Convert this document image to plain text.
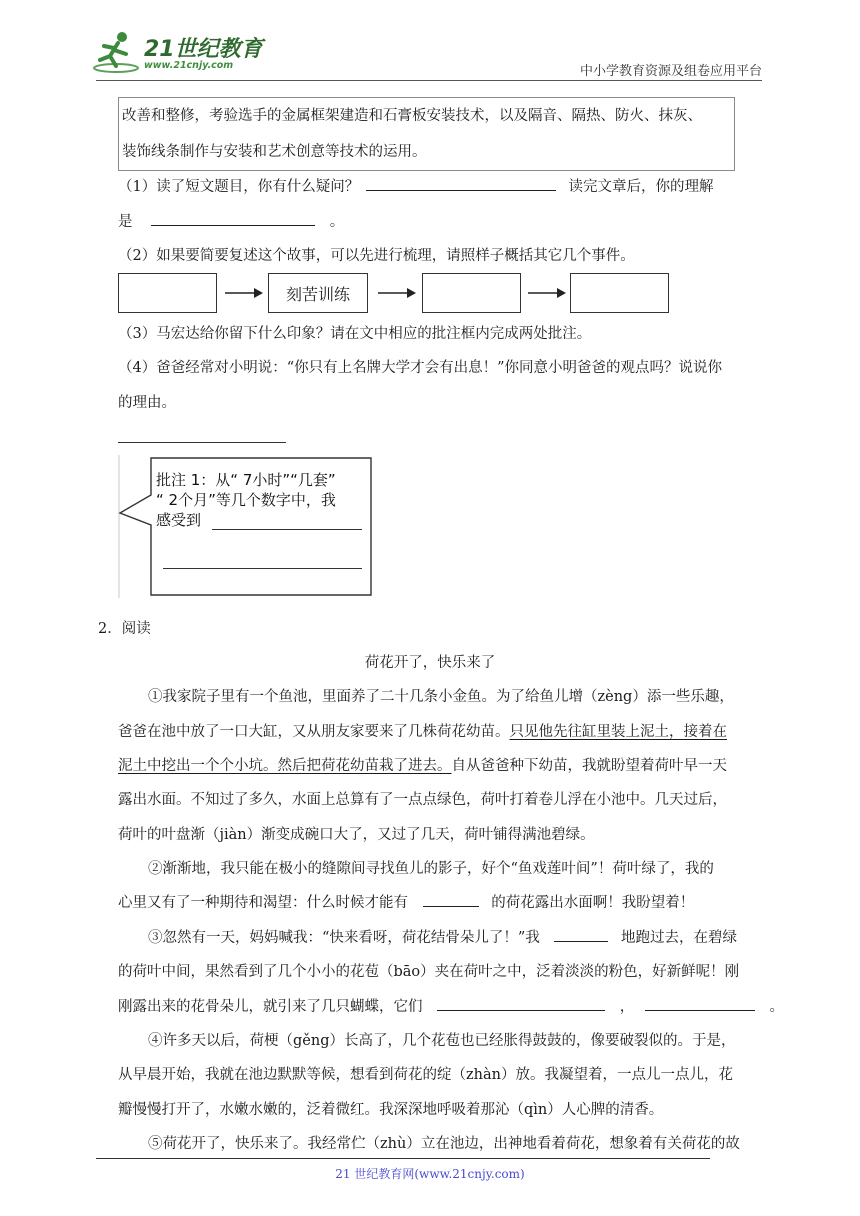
21世纪教育
www.21cnjy.com	中小学教育资源及组卷应用平台
改善和整修，考验选手的金属框架建造和石膏板安装技术，以及隔音、隔热、防火、抹灰、
装饰线条制作与安装和艺术创意等技术的运用。
（1）读了短文题目，你有什么疑问？	读完文章后，你的理解
是	。
（2）如果要简要复述这个故事，可以先进行梳理，请照样子概括其它几个事件。
刻苦训练
（3）马宏达给你留下什么印象？请在文中相应的批注框内完成两处批注。
（4）爸爸经常对小明说：“你只有上名牌大学才会有出息！”你同意小明爸爸的观点吗？说说你
的理由。
批注 1：从“ 7小时”“几套”
“ 2个月”等几个数字中，我
感受到
2．阅读
荷花开了，快乐来了
①我家院子里有一个鱼池，里面养了二十几条小金鱼。为了给鱼儿增（zèng）添一些乐趣，
爸爸在池中放了一口大缸，又从朋友家要来了几株荷花幼苗。只见他先往缸里装上泥土，接着在
泥土中挖出一个个小坑。然后把荷花幼苗栽了进去。自从爸爸种下幼苗，我就盼望着荷叶早一天
露出水面。不知过了多久，水面上总算有了一点点绿色，荷叶打着卷儿浮在小池中。几天过后，
荷叶的叶盘渐（jiàn）渐变成碗口大了，又过了几天，荷叶铺得满池碧绿。
②渐渐地，我只能在极小的缝隙间寻找鱼儿的影子，好个“鱼戏莲叶间”！荷叶绿了，我的
心里又有了一种期待和渴望：什么时候才能有	的荷花露出水面啊！我盼望着！
③忽然有一天，妈妈喊我：“快来看呀，荷花结骨朵儿了！”我	地跑过去，在碧绿
的荷叶中间，果然看到了几个小小的花苞（bāo）夹在荷叶之中，泛着淡淡的粉色，好新鲜呢！刚
刚露出来的花骨朵儿，就引来了几只蝴蝶，它们	，	。
④许多天以后，荷梗（gěng）长高了，几个花苞也已经胀得鼓鼓的，像要破裂似的。于是，
从早晨开始，我就在池边默默等候，想看到荷花的绽（zhàn）放。我凝望着，一点儿一点儿，花
瓣慢慢打开了，水嫩水嫩的，泛着微红。我深深地呼吸着那沁（qìn）人心脾的清香。
⑤荷花开了，快乐来了。我经常伫（zhù）立在池边，出神地看着荷花，想象着有关荷花的故
21 世纪教育网(www.21cnjy.com)
